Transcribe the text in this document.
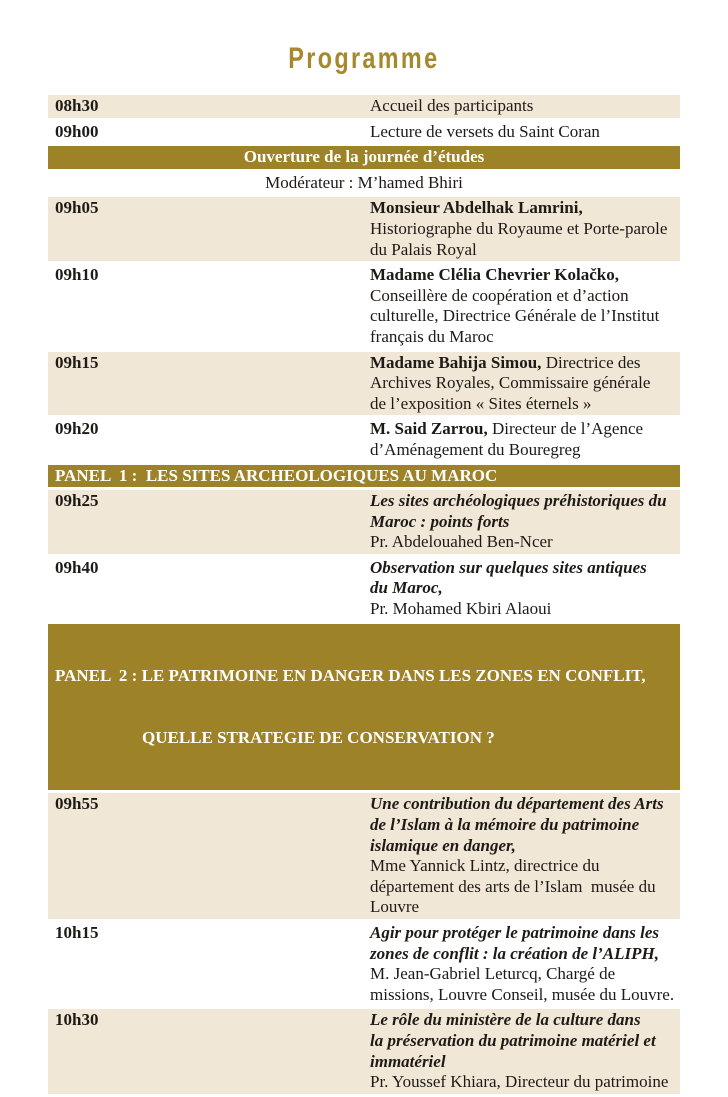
Programme
08h30	Accueil des participants
09h00	Lecture de versets du Saint Coran
Ouverture de la journée d’études
Modérateur : M’hamed Bhiri
09h05	Monsieur Abdelhak Lamrini,
Historiographe du Royaume et Porte-parole
du Palais Royal
09h10	Madame Clélia Chevrier Kolačko,
Conseillère de coopération et d’action
culturelle, Directrice Générale de l’Institut
français du Maroc
09h15	Madame Bahija Simou, Directrice des
Archives Royales, Commissaire générale
de l’exposition « Sites éternels »
09h20	M. Said Zarrou, Directeur de l’Agence
d’Aménagement du Bouregreg
PANEL  1 :  LES SITES ARCHEOLOGIQUES AU MAROC
09h25	Les sites archéologiques préhistoriques du
Maroc : points forts
Pr. Abdelouahed Ben-Ncer
09h40	Observation sur quelques sites antiques
du Maroc,
Pr. Mohamed Kbiri Alaoui

PANEL  2 : LE PATRIMOINE EN DANGER DANS LES ZONES EN CONFLIT,

QUELLE STRATEGIE DE CONSERVATION ?

09h55	Une contribution du département des Arts
de l’Islam à la mémoire du patrimoine
islamique en danger,
Mme Yannick Lintz, directrice du
département des arts de l’Islam  musée du
Louvre
10h15	Agir pour protéger le patrimoine dans les
zones de conflit : la création de l’ALIPH,
M. Jean-Gabriel Leturcq, Chargé de
missions, Louvre Conseil, musée du Louvre.
10h30	Le rôle du ministère de la culture dans
la préservation du patrimoine matériel et
immatériel
Pr. Youssef Khiara, Directeur du patrimoine
